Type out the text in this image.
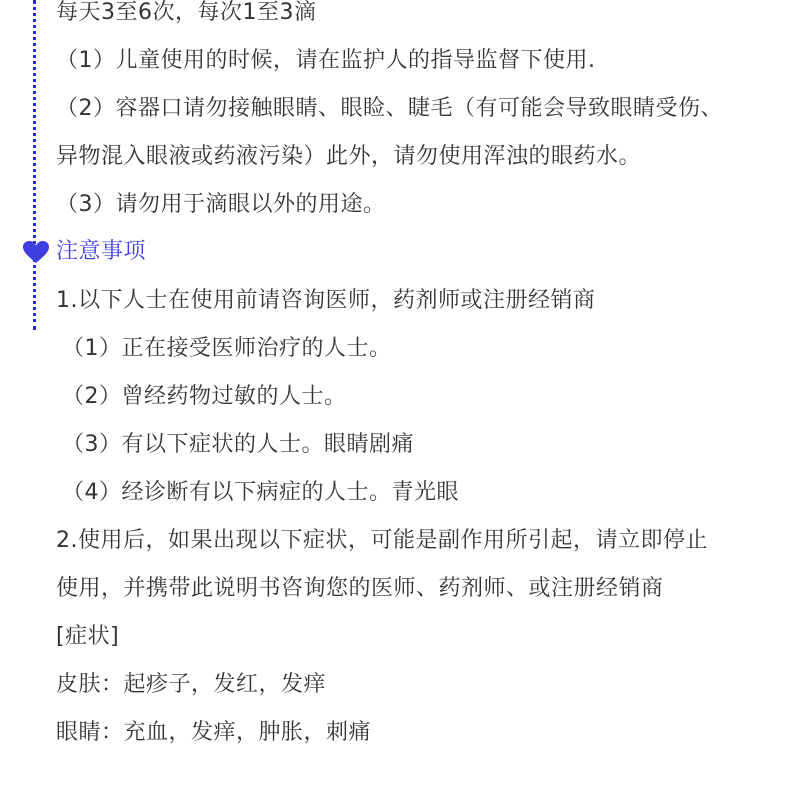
每天3至6次，每次1至3滴
（1）儿童使用的时候，请在监护人的指导监督下使用.
（2）容器口请勿接触眼睛、眼睑、睫毛（有可能会导致眼睛受伤、
异物混入眼液或药液污染）此外，请勿使用浑浊的眼药水。
（3）请勿用于滴眼以外的用途。
注意事项
1.以下人士在使用前请咨询医师，药剂师或注册经销商
（1）正在接受医师治疗的人士。
（2）曾经药物过敏的人士。
（3）有以下症状的人士。眼睛剧痛
（4）经诊断有以下病症的人士。青光眼
2.使用后，如果出现以下症状，可能是副作用所引起，请立即停止
使用，并携带此说明书咨询您的医师、药剂师、或注册经销商
[症状]
皮肤：起疹子，发红，发痒
眼睛：充血，发痒，肿胀，刺痛
